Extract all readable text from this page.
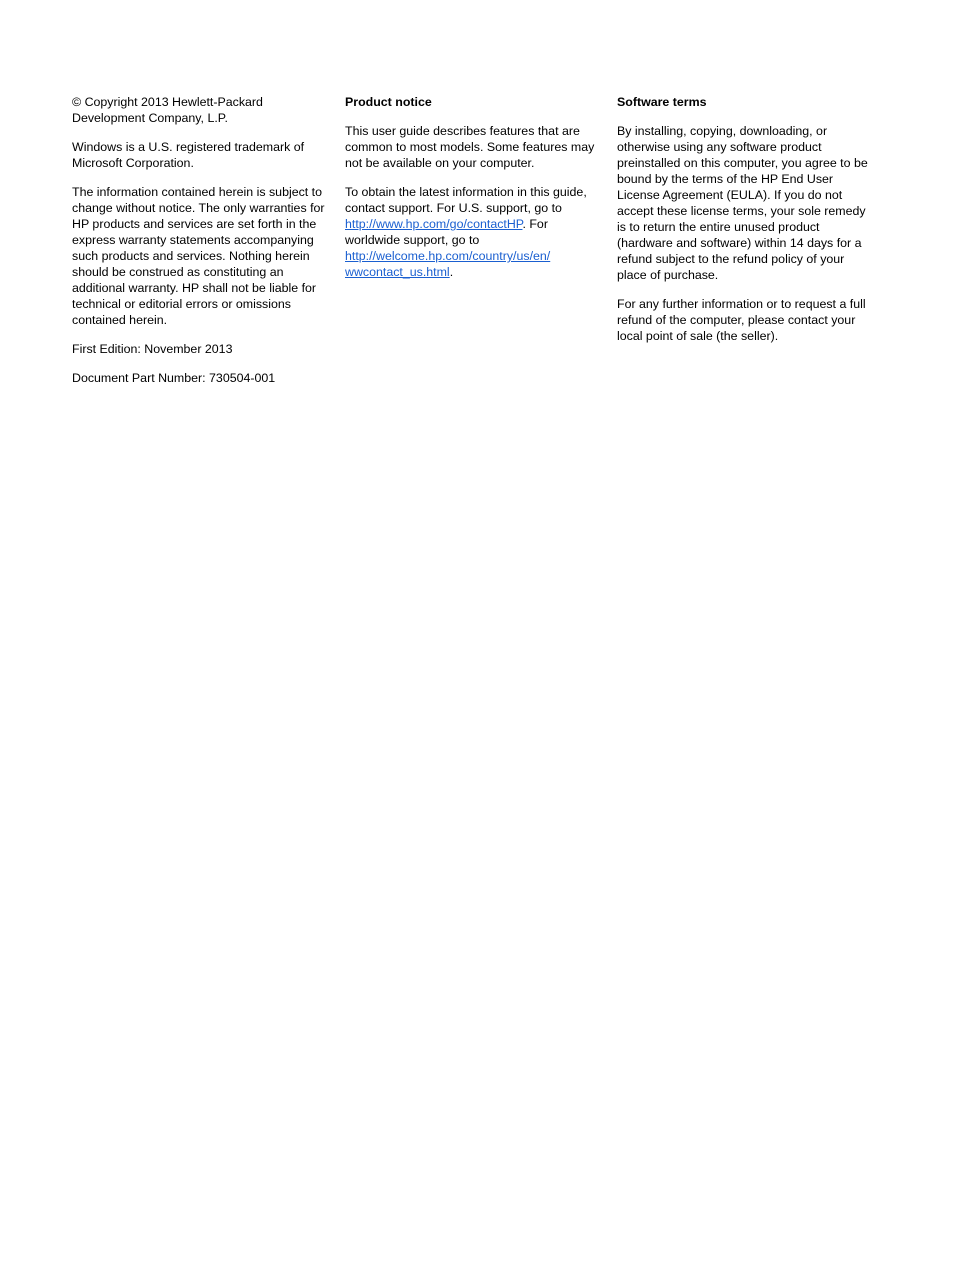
© Copyright 2013 Hewlett-Packard Development Company, L.P.

Windows is a U.S. registered trademark of Microsoft Corporation.

The information contained herein is subject to change without notice. The only warranties for HP products and services are set forth in the express warranty statements accompanying such products and services. Nothing herein should be construed as constituting an additional warranty. HP shall not be liable for technical or editorial errors or omissions contained herein.

First Edition: November 2013

Document Part Number: 730504-001

Product notice

This user guide describes features that are common to most models. Some features may not be available on your computer.

To obtain the latest information in this guide, contact support. For U.S. support, go to http://www.hp.com/go/contactHP. For worldwide support, go to http://welcome.hp.com/country/us/en/
wwcontact_us.html.

Software terms

By installing, copying, downloading, or otherwise using any software product preinstalled on this computer, you agree to be bound by the terms of the HP End User License Agreement (EULA). If you do not accept these license terms, your sole remedy is to return the entire unused product (hardware and software) within 14 days for a refund subject to the refund policy of your place of purchase.

For any further information or to request a full refund of the computer, please contact your local point of sale (the seller).
